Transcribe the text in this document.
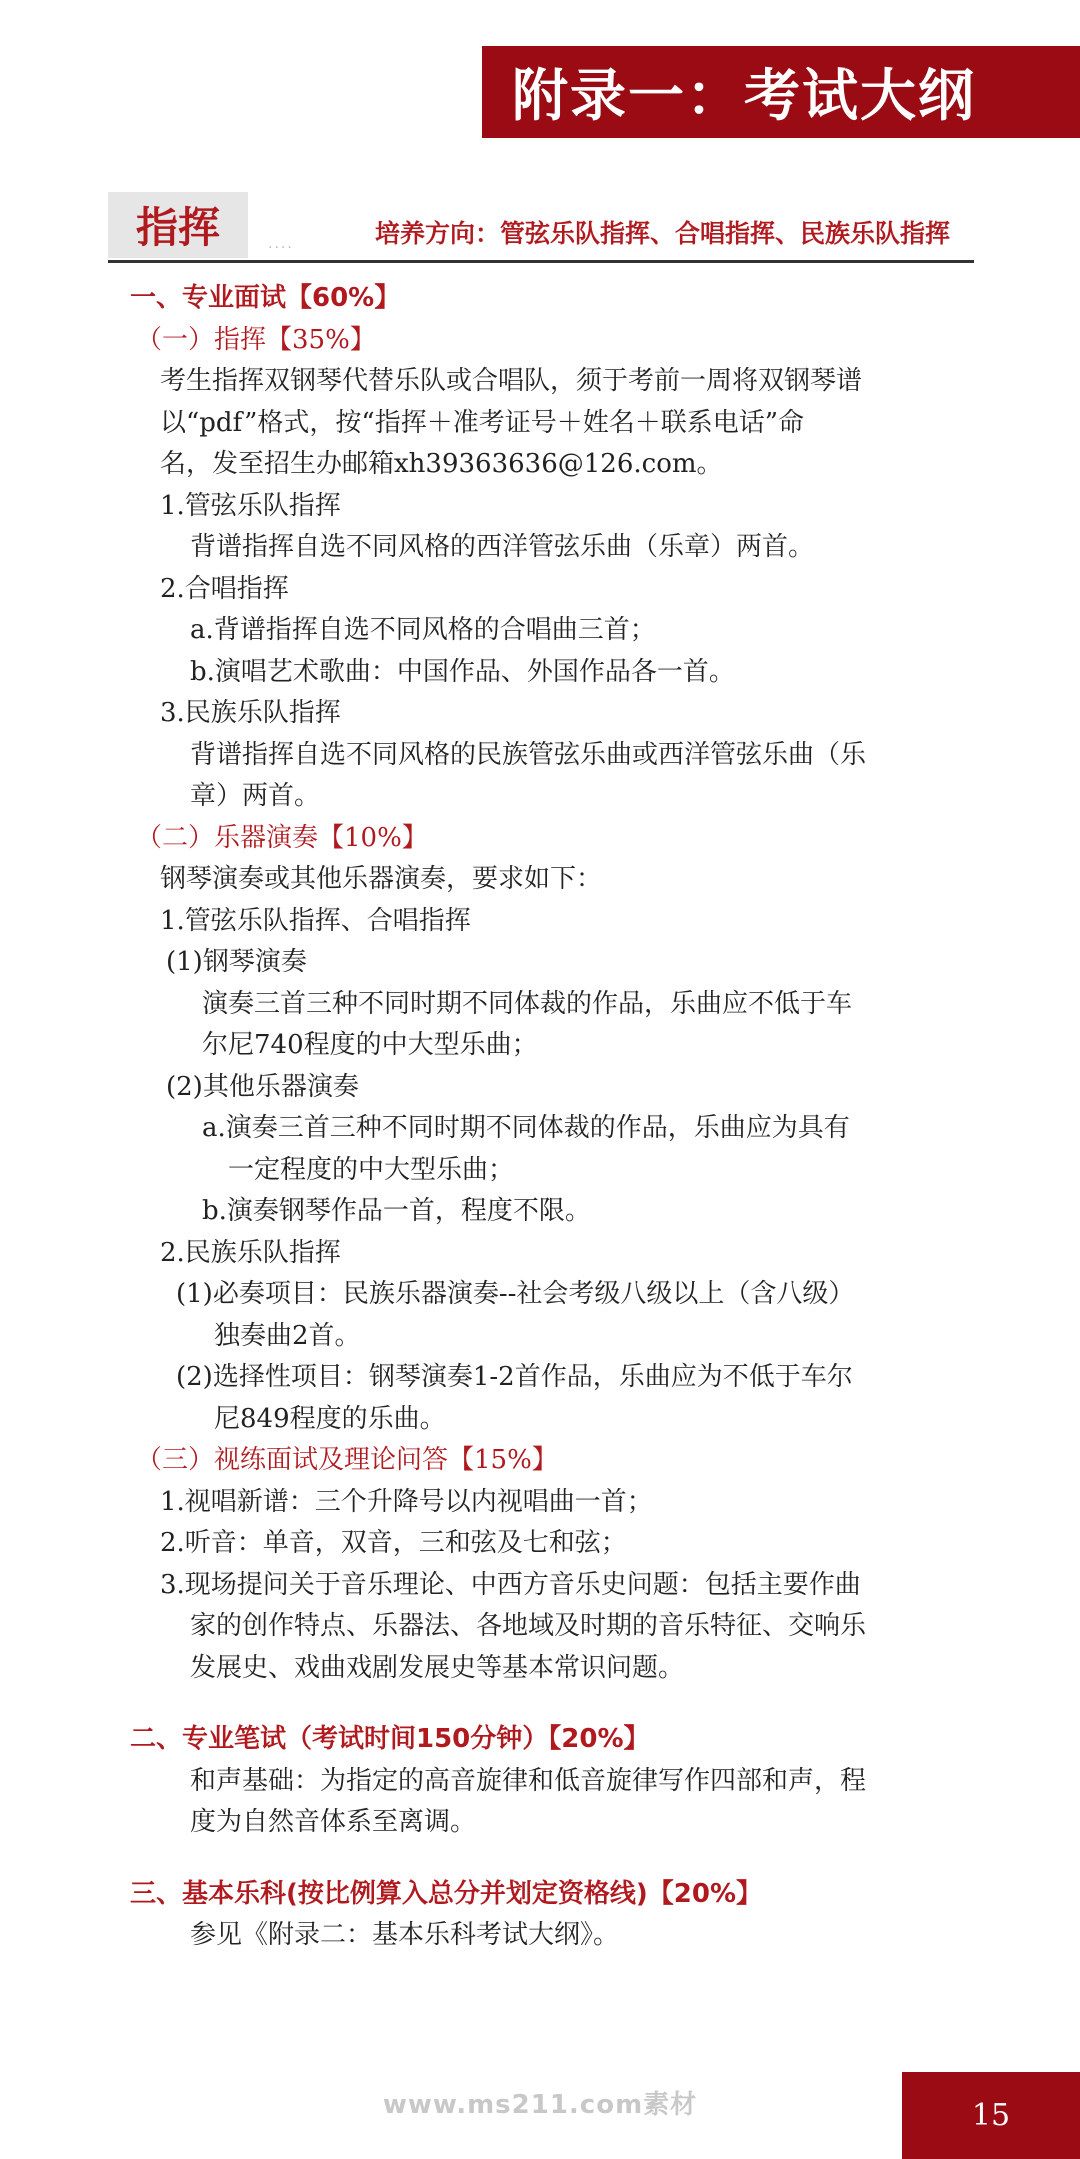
附录一：考试大纲
指挥	....	培养方向：管弦乐队指挥、合唱指挥、民族乐队指挥
一、专业面试【60%】
（一）指挥【35%】
考生指挥双钢琴代替乐队或合唱队，须于考前一周将双钢琴谱
以“pdf”格式，按“指挥＋准考证号＋姓名＋联系电话”命
名，发至招生办邮箱xh39363636@126.com。
1.管弦乐队指挥
背谱指挥自选不同风格的西洋管弦乐曲（乐章）两首。
2.合唱指挥
a.背谱指挥自选不同风格的合唱曲三首；
b.演唱艺术歌曲：中国作品、外国作品各一首。
3.民族乐队指挥
背谱指挥自选不同风格的民族管弦乐曲或西洋管弦乐曲（乐
章）两首。
（二）乐器演奏【10%】
钢琴演奏或其他乐器演奏，要求如下：
1.管弦乐队指挥、合唱指挥
(1)钢琴演奏
演奏三首三种不同时期不同体裁的作品，乐曲应不低于车
尔尼740程度的中大型乐曲；
(2)其他乐器演奏
a.演奏三首三种不同时期不同体裁的作品，乐曲应为具有
一定程度的中大型乐曲；
b.演奏钢琴作品一首，程度不限。
2.民族乐队指挥
(1)必奏项目：民族乐器演奏--社会考级八级以上（含八级）
独奏曲2首。
(2)选择性项目：钢琴演奏1-2首作品，乐曲应为不低于车尔
尼849程度的乐曲。
（三）视练面试及理论问答【15%】
1.视唱新谱：三个升降号以内视唱曲一首；
2.听音：单音，双音，三和弦及七和弦；
3.现场提问关于音乐理论、中西方音乐史问题：包括主要作曲
家的创作特点、乐器法、各地域及时期的音乐特征、交响乐
发展史、戏曲戏剧发展史等基本常识问题。
二、专业笔试（考试时间150分钟）【20%】
和声基础：为指定的高音旋律和低音旋律写作四部和声，程
度为自然音体系至离调。
三、基本乐科(按比例算入总分并划定资格线)【20%】
参见《附录二：基本乐科考试大纲》。
www.ms211.com素材	15
